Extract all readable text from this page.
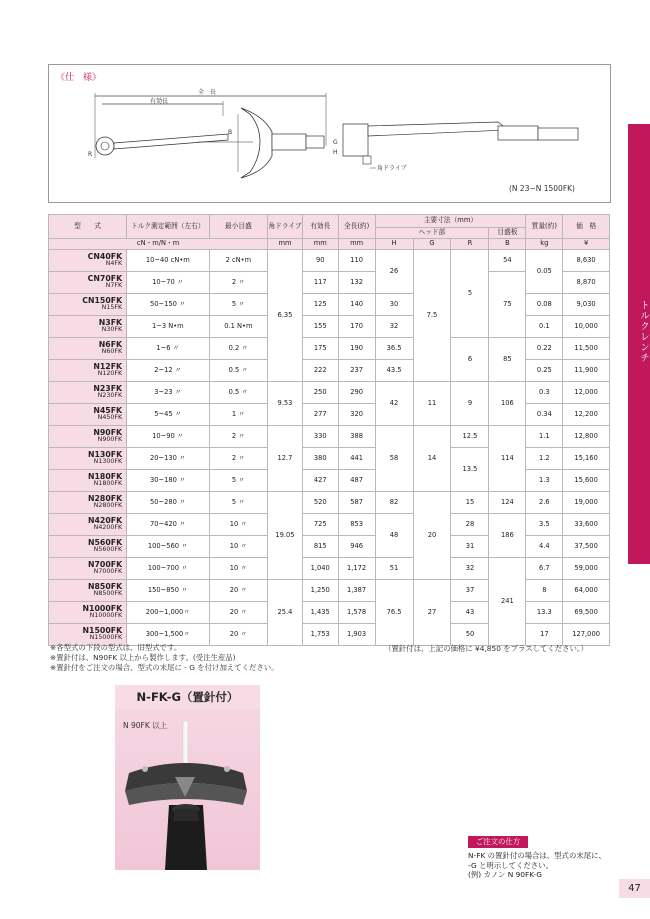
《仕　様》
全　長
有効長
R
B
G
H
角ドライブ
(N 23~N 1500FK)
トルクレンチ
型　　式	トルク測定範囲（左右）	最小目盛	角ドライブ	有効長	全長(約)	主要寸法（mm）				質量(約)	価　格
						ヘッド部			目盛板		
cN・m/N・m			mm	mm	mm	H	G	R	B	kg	¥

CN40FK
N4FK	10~40 cN•m	2 cN•m	6.35	90	110	26	7.5	5	54	0.05	8,630

CN70FK
N7FK	10~70 〃	2 〃		117	132				75		8,870

CN150FK
N15FK	50~150 〃	5 〃		125	140	30				0.08	9,030

N3FK
N30FK	1~3 N•m	0.1 N•m		155	170	32				0.1	10,000

N6FK
N60FK	1~6 〃	0.2 〃		175	190	36.5		6	85	0.22	11,500

N12FK
N120FK	2~12 〃	0.5 〃		222	237	43.5				0.25	11,900

N23FK
N230FK	3~23 〃	0.5 〃	9.53	250	290	42	11	9	106	0.3	12,000

N45FK
N450FK	5~45 〃	1 〃		277	320					0.34	12,200

N90FK
N900FK	10~90 〃	2 〃	12.7	330	388	58	14	12.5	114	1.1	12,800

N130FK
N1300FK	20~130 〃	2 〃		380	441			13.5		1.2	15,160

N180FK
N1800FK	30~180 〃	5 〃		427	487					1.3	15,600

N280FK
N2800FK	50~280 〃	5 〃	19.05	520	587	82	20	15	124	2.6	19,000

N420FK
N4200FK	70~420 〃	10 〃		725	853	48		28	186	3.5	33,600

N560FK
N5600FK	100~560 〃	10 〃		815	946			31		4.4	37,500

N700FK
N7000FK	100~700 〃	10 〃		1,040	1,172	51		32	241	6.7	59,000

N850FK
N8500FK	150~850 〃	20 〃	25.4	1,250	1,387	76.5	27	37		8	64,000

N1000FK
N10000FK	200~1,000〃	20 〃		1,435	1,578			43		13.3	69,500

N1500FK
N15000FK	300~1,500〃	20 〃		1,753	1,903			50		17	127,000
※各型式の下段の型式は、旧型式です。
※置針付は、N90FK 以上から製作します。(受注生産品)
※置針付をご注文の場合、型式の末尾に - G を付け加えてください。
（置針付は、上記の価格に ¥4,850 をプラスしてください。）
N-FK-G（置針付）
N 90FK 以上
ご注文の仕方
N-FK の置針付の場合は、型式の末尾に、
-G と明示してください。
(例) カノン N 90FK-G
47
